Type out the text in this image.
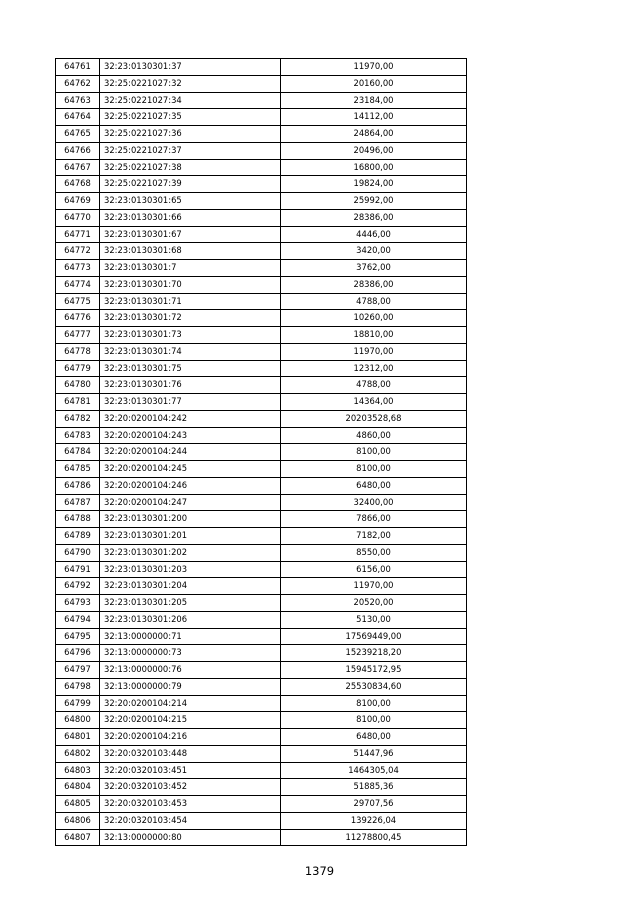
64761	32:23:0130301:37	11970,00
64762	32:25:0221027:32	20160,00
64763	32:25:0221027:34	23184,00
64764	32:25:0221027:35	14112,00
64765	32:25:0221027:36	24864,00
64766	32:25:0221027:37	20496,00
64767	32:25:0221027:38	16800,00
64768	32:25:0221027:39	19824,00
64769	32:23:0130301:65	25992,00
64770	32:23:0130301:66	28386,00
64771	32:23:0130301:67	4446,00
64772	32:23:0130301:68	3420,00
64773	32:23:0130301:7	3762,00
64774	32:23:0130301:70	28386,00
64775	32:23:0130301:71	4788,00
64776	32:23:0130301:72	10260,00
64777	32:23:0130301:73	18810,00
64778	32:23:0130301:74	11970,00
64779	32:23:0130301:75	12312,00
64780	32:23:0130301:76	4788,00
64781	32:23:0130301:77	14364,00
64782	32:20:0200104:242	20203528,68
64783	32:20:0200104:243	4860,00
64784	32:20:0200104:244	8100,00
64785	32:20:0200104:245	8100,00
64786	32:20:0200104:246	6480,00
64787	32:20:0200104:247	32400,00
64788	32:23:0130301:200	7866,00
64789	32:23:0130301:201	7182,00
64790	32:23:0130301:202	8550,00
64791	32:23:0130301:203	6156,00
64792	32:23:0130301:204	11970,00
64793	32:23:0130301:205	20520,00
64794	32:23:0130301:206	5130,00
64795	32:13:0000000:71	17569449,00
64796	32:13:0000000:73	15239218,20
64797	32:13:0000000:76	15945172,95
64798	32:13:0000000:79	25530834,60
64799	32:20:0200104:214	8100,00
64800	32:20:0200104:215	8100,00
64801	32:20:0200104:216	6480,00
64802	32:20:0320103:448	51447,96
64803	32:20:0320103:451	1464305,04
64804	32:20:0320103:452	51885,36
64805	32:20:0320103:453	29707,56
64806	32:20:0320103:454	139226,04
64807	32:13:0000000:80	11278800,45
1379
